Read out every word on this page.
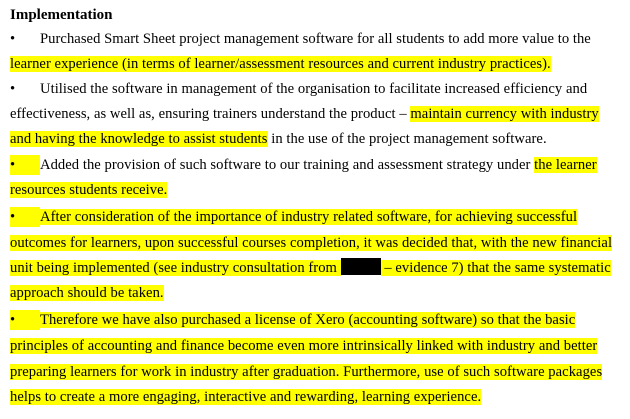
Implementation
• Purchased Smart Sheet project management software for all students to add more value to the
learner experience (in terms of learner/assessment resources and current industry practices).
• Utilised the software in management of the organisation to facilitate increased efficiency and
effectiveness, as well as, ensuring trainers understand the product – maintain currency with industry
and having the knowledge to assist students in the use of the project management software.
• Added the provision of such software to our training and assessment strategy under the learner
resources students receive.
• After consideration of the importance of industry related software, for achieving successful
outcomes for learners, upon successful courses completion, it was decided that, with the new financial
unit being implemented (see industry consultation from	– evidence 7) that the same systematic
approach should be taken.
• Therefore we have also purchased a license of Xero (accounting software) so that the basic
principles of accounting and finance become even more intrinsically linked with industry and better
preparing learners for work in industry after graduation. Furthermore, use of such software packages
helps to create a more engaging, interactive and rewarding, learning experience.
